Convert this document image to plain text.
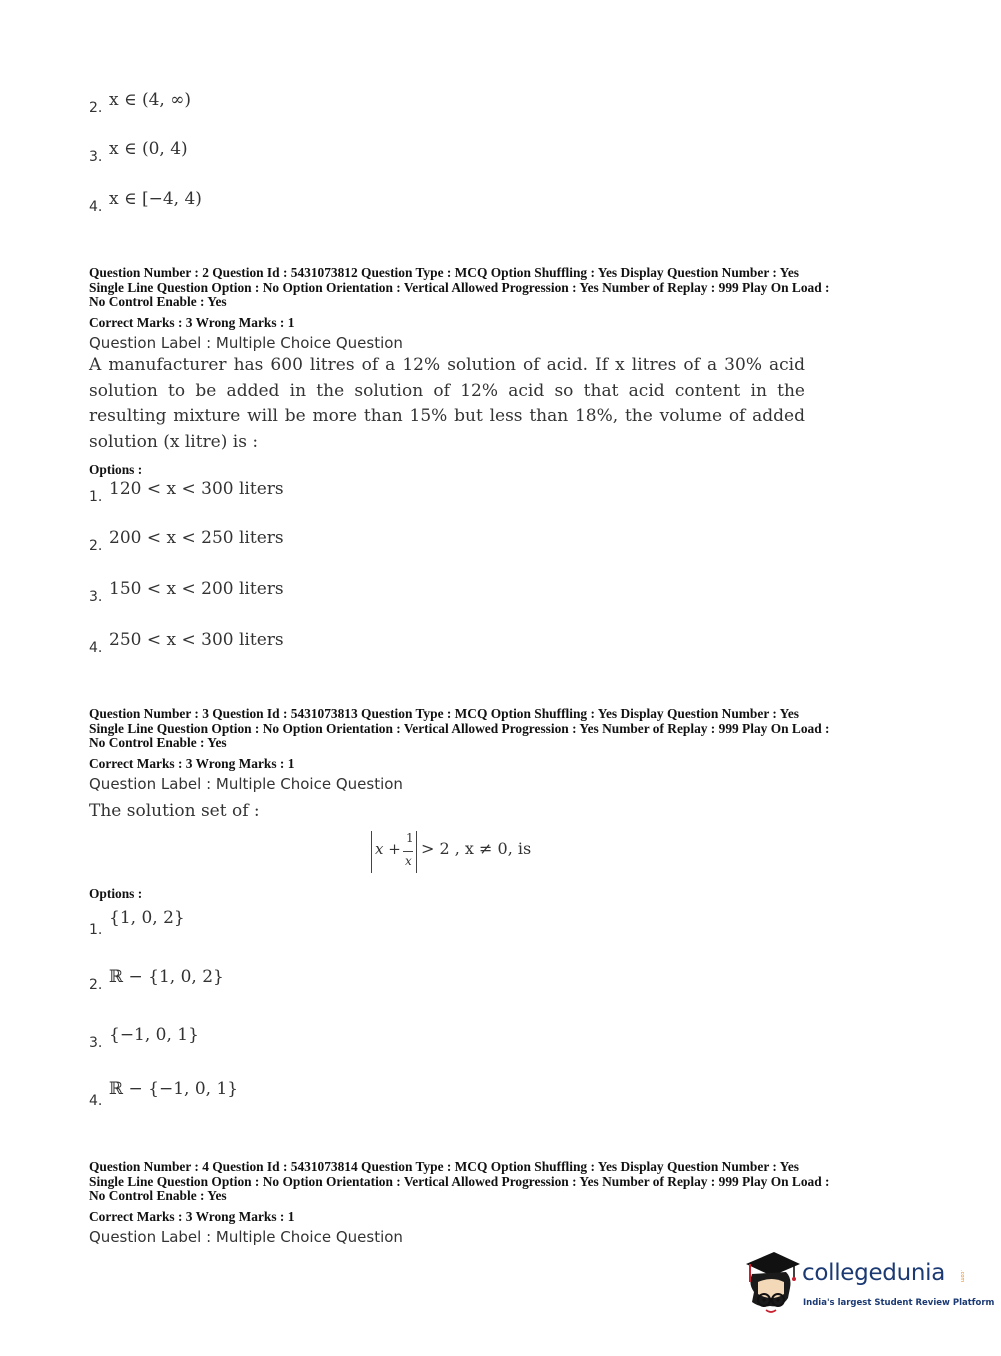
2. x ∈ (4, ∞)
3. x ∈ (0, 4)
4. x ∈ [−4, 4)
Question Number : 2 Question Id : 5431073812 Question Type : MCQ Option Shuffling : Yes Display Question Number : Yes
Single Line Question Option : No Option Orientation : Vertical Allowed Progression : Yes Number of Replay : 999 Play On Load :
No Control Enable : Yes
Correct Marks : 3 Wrong Marks : 1
Question Label : Multiple Choice Question
A manufacturer has 600 litres of a 12% solution of acid. If x litres of a 30% acid solution to be added in the solution of 12% acid so that acid content in the resulting mixture will be more than 15% but less than 18%, the volume of added solution (x litre) is :
Options :
1. 120 < x < 300 liters
2. 200 < x < 250 liters
3. 150 < x < 200 liters
4. 250 < x < 300 liters
Question Number : 3 Question Id : 5431073813 Question Type : MCQ Option Shuffling : Yes Display Question Number : Yes
Single Line Question Option : No Option Orientation : Vertical Allowed Progression : Yes Number of Replay : 999 Play On Load :
No Control Enable : Yes
Correct Marks : 3 Wrong Marks : 1
Question Label : Multiple Choice Question
The solution set of :
x +
1
x
> 2 , x ≠ 0, is
Options :
1.
{1, 0, 2}
2. ℝ − {1, 0, 2}
3. {−1, 0, 1}
4.
ℝ − {−1, 0, 1}
Question Number : 4 Question Id : 5431073814 Question Type : MCQ Option Shuffling : Yes Display Question Number : Yes
Single Line Question Option : No Option Orientation : Vertical Allowed Progression : Yes Number of Replay : 999 Play On Load :
No Control Enable : Yes
Correct Marks : 3 Wrong Marks : 1
Question Label : Multiple Choice Question
collegedunia	.com
India's largest Student Review Platform
